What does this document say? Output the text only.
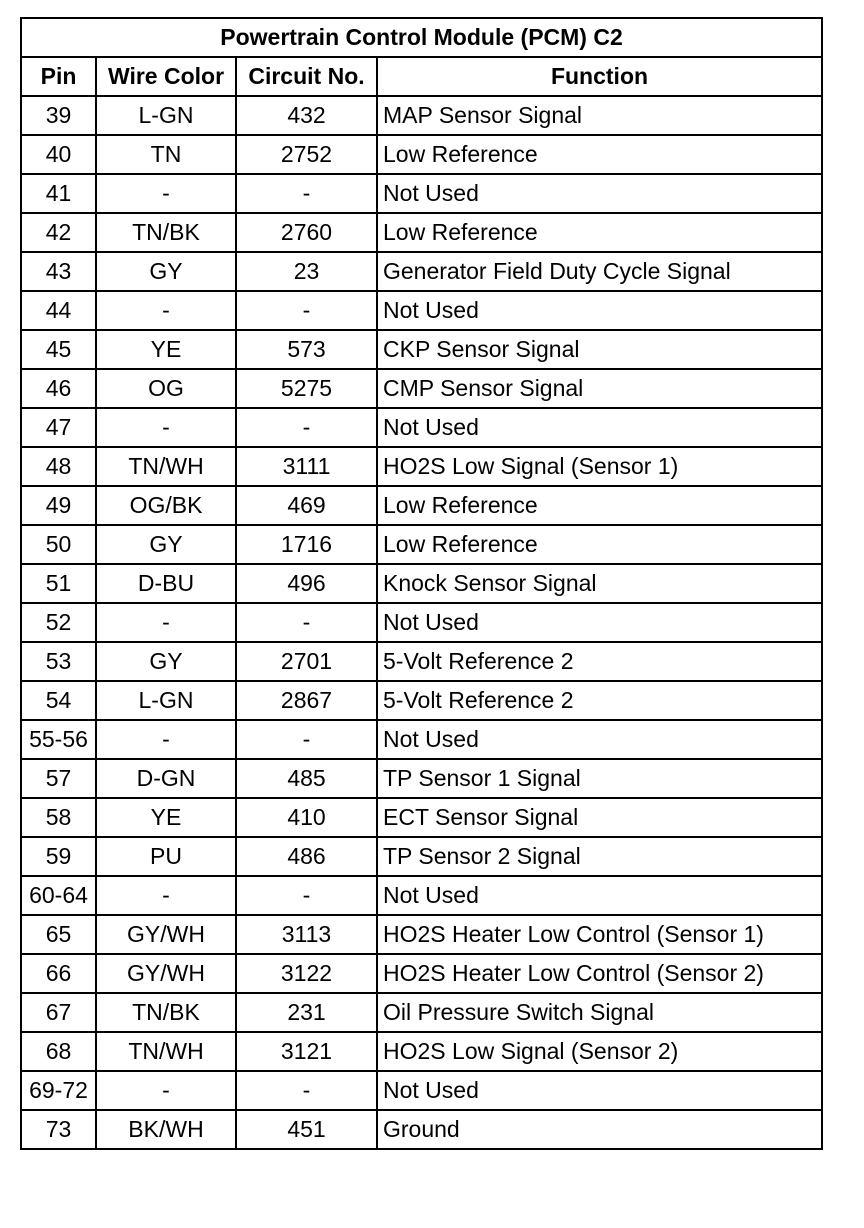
Powertrain Control Module (PCM) C2			
Pin	Wire Color	Circuit No.	Function
39	L-GN	432	MAP Sensor Signal
40	TN	2752	Low Reference
41	-	-	Not Used
42	TN/BK	2760	Low Reference
43	GY	23	Generator Field Duty Cycle Signal
44	-	-	Not Used
45	YE	573	CKP Sensor Signal
46	OG	5275	CMP Sensor Signal
47	-	-	Not Used
48	TN/WH	3111	HO2S Low Signal (Sensor 1)
49	OG/BK	469	Low Reference
50	GY	1716	Low Reference
51	D-BU	496	Knock Sensor Signal
52	-	-	Not Used
53	GY	2701	5-Volt Reference 2
54	L-GN	2867	5-Volt Reference 2
55-56	-	-	Not Used
57	D-GN	485	TP Sensor 1 Signal
58	YE	410	ECT Sensor Signal
59	PU	486	TP Sensor 2 Signal
60-64	-	-	Not Used
65	GY/WH	3113	HO2S Heater Low Control (Sensor 1)
66	GY/WH	3122	HO2S Heater Low Control (Sensor 2)
67	TN/BK	231	Oil Pressure Switch Signal
68	TN/WH	3121	HO2S Low Signal (Sensor 2)
69-72	-	-	Not Used
73	BK/WH	451	Ground
